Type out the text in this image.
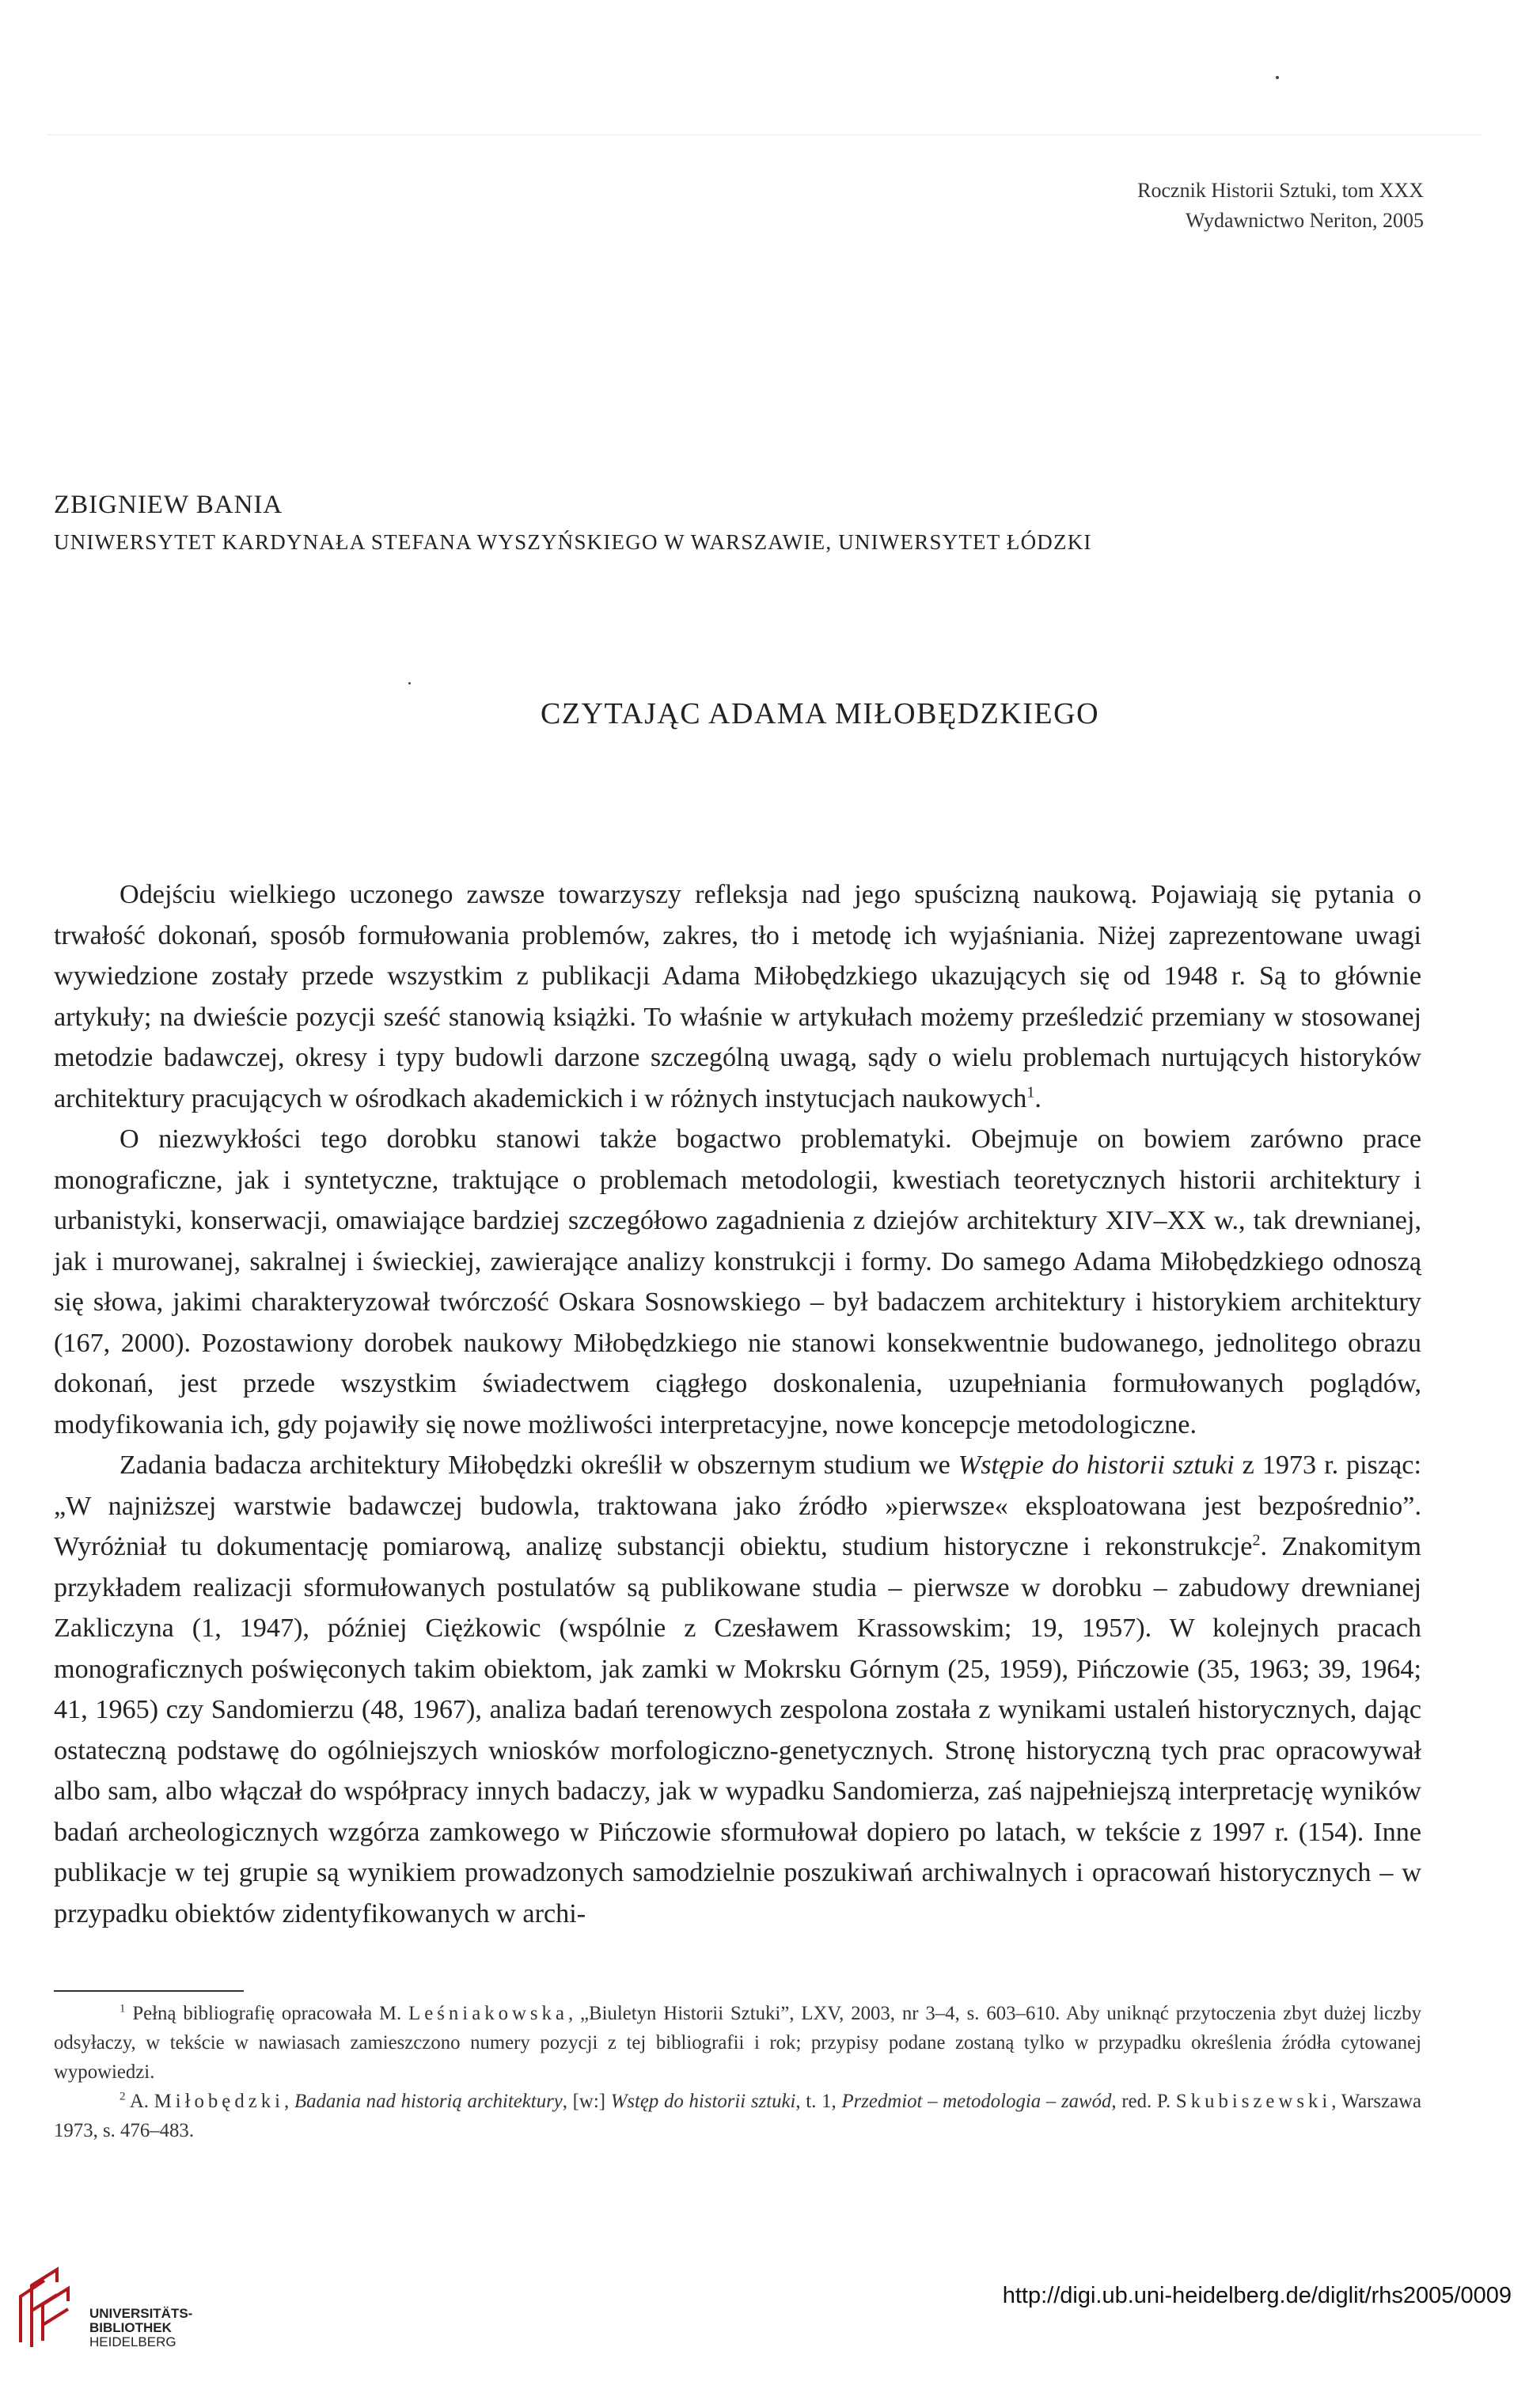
Rocznik Historii Sztuki, tom XXX
Wydawnictwo Neriton, 2005
ZBIGNIEW BANIA
UNIWERSYTET KARDYNAŁA STEFANA WYSZYŃSKIEGO W WARSZAWIE, UNIWERSYTET ŁÓDZKI
CZYTAJĄC ADAMA MIŁOBĘDZKIEGO

Odejściu wielkiego uczonego zawsze towarzyszy refleksja nad jego spuścizną naukową. Pojawiają się pytania o trwałość dokonań, sposób formułowania problemów, zakres, tło i metodę ich wyjaśniania. Niżej zaprezentowane uwagi wywiedzione zostały przede wszystkim z publikacji Adama Miłobędzkiego ukazujących się od 1948 r. Są to głównie artykuły; na dwieście pozycji sześć stanowią książki. To właśnie w artykułach możemy prześledzić przemiany w stosowanej metodzie badawczej, okresy i typy budowli darzone szczególną uwagą, sądy o wielu problemach nurtujących historyków architektury pracujących w ośrodkach akademickich i w różnych instytucjach naukowych$^1$.

O niezwykłości tego dorobku stanowi także bogactwo problematyki. Obejmuje on bowiem zarówno prace monograficzne, jak i syntetyczne, traktujące o problemach metodologii, kwestiach teoretycznych historii architektury i urbanistyki, konserwacji, omawiające bardziej szczegółowo zagadnienia z dziejów architektury XIV–XX w., tak drewnianej, jak i murowanej, sakralnej i świeckiej, zawierające analizy konstrukcji i formy. Do samego Adama Miłobędzkiego odnoszą się słowa, jakimi charakteryzował twórczość Oskara Sosnowskiego – był badaczem architektury i historykiem architektury (167, 2000). Pozostawiony dorobek naukowy Miłobędzkiego nie stanowi konsekwentnie budowanego, jednolitego obrazu dokonań, jest przede wszystkim świadectwem ciągłego doskonalenia, uzupełniania formułowanych poglądów, modyfikowania ich, gdy pojawiły się nowe możliwości interpretacyjne, nowe koncepcje metodologiczne.

Zadania badacza architektury Miłobędzki określił w obszernym studium we Wstępie do historii sztuki z 1973 r. pisząc: „W najniższej warstwie badawczej budowla, traktowana jako źródło »pierwsze« eksploatowana jest bezpośrednio”. Wyróżniał tu dokumentację pomiarową, analizę substancji obiektu, studium historyczne i rekonstrukcje$^2$. Znakomitym przykładem realizacji sformułowanych postulatów są publikowane studia – pierwsze w dorobku – zabudowy drewnianej Zakliczyna (1, 1947), później Ciężkowic (wspólnie z Czesławem Krassowskim; 19, 1957). W kolejnych pracach monograficznych poświęconych takim obiektom, jak zamki w Mokrsku Górnym (25, 1959), Pińczowie (35, 1963; 39, 1964; 41, 1965) czy Sandomierzu (48, 1967), analiza badań terenowych zespolona została z wynikami ustaleń historycznych, dając ostateczną podstawę do ogólniejszych wniosków morfologiczno-genetycznych. Stronę historyczną tych prac opracowywał albo sam, albo włączał do współpracy innych badaczy, jak w wypadku Sandomierza, zaś najpełniejszą interpretację wyników badań archeologicznych wzgórza zamkowego w Pińczowie sformułował dopiero po latach, w tekście z 1997 r. (154). Inne publikacje w tej grupie są wynikiem prowadzonych samodzielnie poszukiwań archiwalnych i opracowań historycznych – w przypadku obiektów zidentyfikowanych w archi-

$^1$ Pełną bibliografię opracowała M. Leśniakowska, „Biuletyn Historii Sztuki”, LXV, 2003, nr 3–4, s. 603–610. Aby uniknąć przytoczenia zbyt dużej liczby odsyłaczy, w tekście w nawiasach zamieszczono numery pozycji z tej bibliografii i rok; przypisy podane zostaną tylko w przypadku określenia źródła cytowanej wypowiedzi.

$^2$ A. Miłobędzki, Badania nad historią architektury, [w:] Wstęp do historii sztuki, t. 1, Przedmiot – metodologia – zawód, red. P. Skubiszewski, Warszawa 1973, s. 476–483.

UNIVERSITÄTS-
BIBLIOTHEK
HEIDELBERG
http://digi.ub.uni-heidelberg.de/diglit/rhs2005/0009
